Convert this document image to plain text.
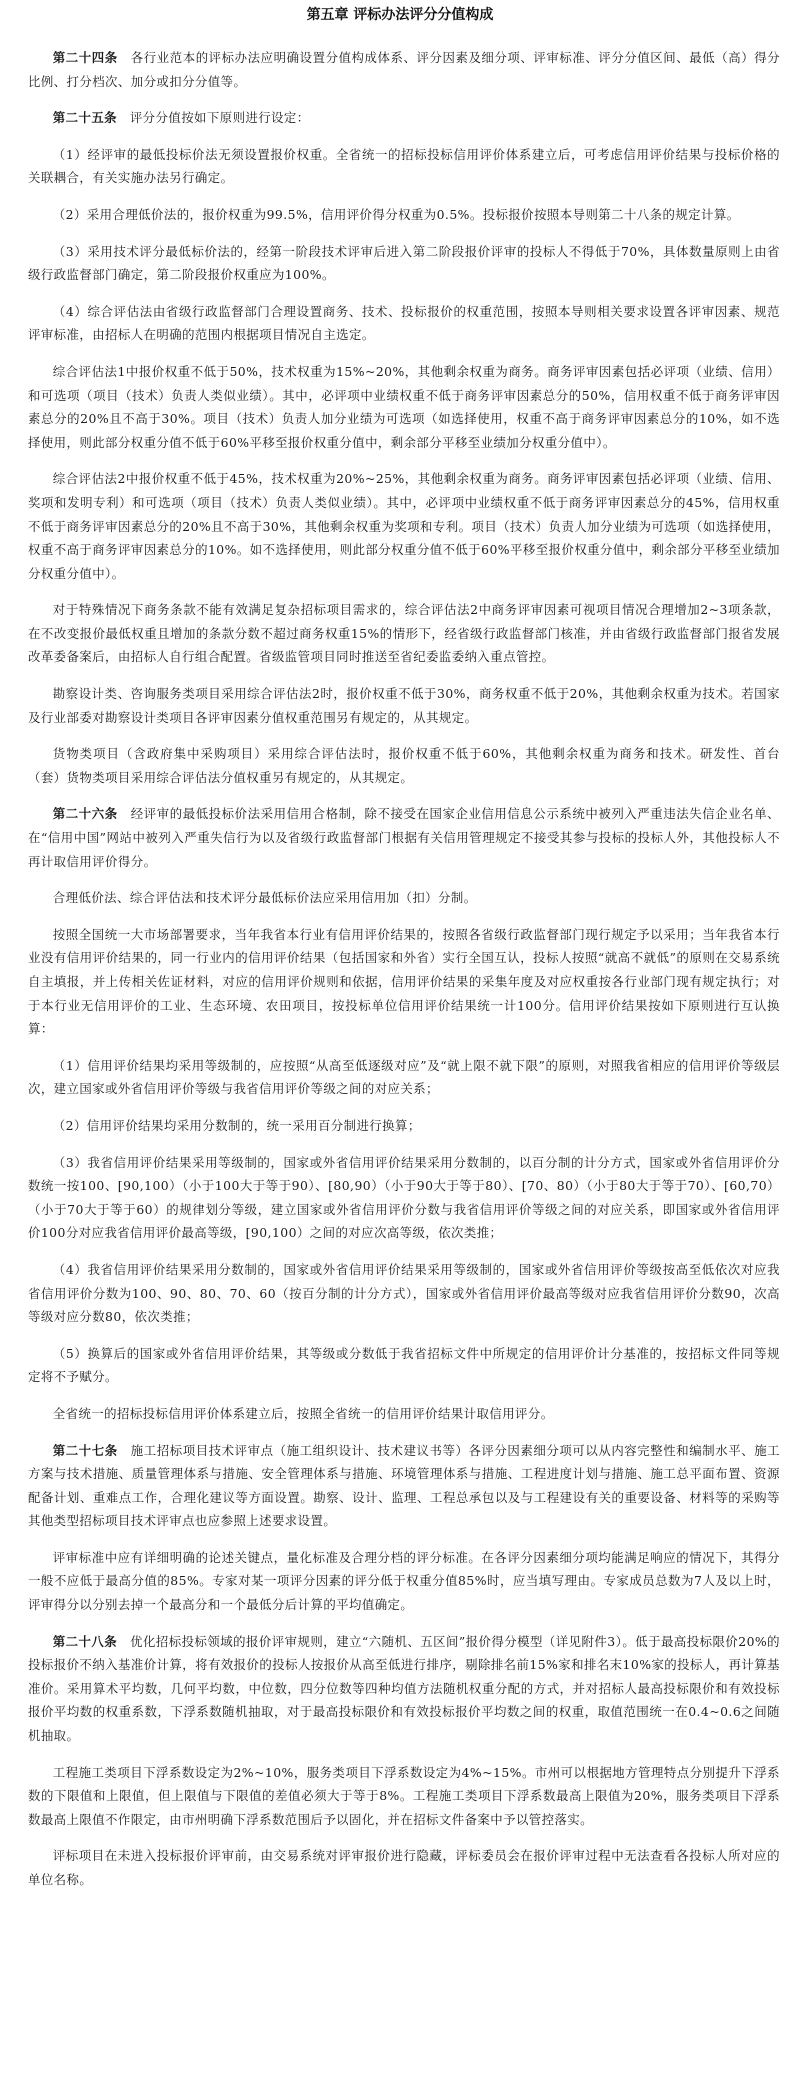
第五章 评标办法评分分值构成

第二十四条　 各行业范本的评标办法应明确设置分值构成体系、评分因素及细分项、评审标准、评分分值区间、最低（高）得分比例、打分档次、加分或扣分分值等。

第二十五条　 评分分值按如下原则进行设定：

（1）经评审的最低投标价法无须设置报价权重。全省统一的招标投标信用评价体系建立后，可考虑信用评价结果与投标价格的关联耦合，有关实施办法另行确定。

（2）采用合理低价法的，报价权重为99.5%，信用评价得分权重为0.5%。投标报价按照本导则第二十八条的规定计算。

（3）采用技术评分最低标价法的，经第一阶段技术评审后进入第二阶段报价评审的投标人不得低于70%，具体数量原则上由省级行政监督部门确定，第二阶段报价权重应为100%。

（4）综合评估法由省级行政监督部门合理设置商务、技术、投标报价的权重范围，按照本导则相关要求设置各评审因素、规范评审标准，由招标人在明确的范围内根据项目情况自主选定。

综合评估法1中报价权重不低于50%，技术权重为15%~20%，其他剩余权重为商务。商务评审因素包括必评项（业绩、信用）和可选项（项目（技术）负责人类似业绩）。其中，必评项中业绩权重不低于商务评审因素总分的50%，信用权重不低于商务评审因素总分的20%且不高于30%。项目（技术）负责人加分业绩为可选项（如选择使用，权重不高于商务评审因素总分的10%，如不选择使用，则此部分权重分值不低于60%平移至报价权重分值中，剩余部分平移至业绩加分权重分值中）。

综合评估法2中报价权重不低于45%，技术权重为20%~25%，其他剩余权重为商务。商务评审因素包括必评项（业绩、信用、奖项和发明专利）和可选项（项目（技术）负责人类似业绩）。其中，必评项中业绩权重不低于商务评审因素总分的45%，信用权重不低于商务评审因素总分的20%且不高于30%，其他剩余权重为奖项和专利。项目（技术）负责人加分业绩为可选项（如选择使用，权重不高于商务评审因素总分的10%。如不选择使用，则此部分权重分值不低于60%平移至报价权重分值中，剩余部分平移至业绩加分权重分值中）。

对于特殊情况下商务条款不能有效满足复杂招标项目需求的，综合评估法2中商务评审因素可视项目情况合理增加2~3项条款，在不改变报价最低权重且增加的条款分数不超过商务权重15%的情形下，经省级行政监督部门核准，并由省级行政监督部门报省发展改革委备案后，由招标人自行组合配置。省级监管项目同时推送至省纪委监委纳入重点管控。

勘察设计类、咨询服务类项目采用综合评估法2时，报价权重不低于30%，商务权重不低于20%，其他剩余权重为技术。若国家及行业部委对勘察设计类项目各评审因素分值权重范围另有规定的，从其规定。

货物类项目（含政府集中采购项目）采用综合评估法时，报价权重不低于60%，其他剩余权重为商务和技术。研发性、首台（套）货物类项目采用综合评估法分值权重另有规定的，从其规定。

第二十六条　 经评审的最低投标价法采用信用合格制，除不接受在国家企业信用信息公示系统中被列入严重违法失信企业名单、在“信用中国”网站中被列入严重失信行为以及省级行政监督部门根据有关信用管理规定不接受其参与投标的投标人外，其他投标人不再计取信用评价得分。

合理低价法、综合评估法和技术评分最低标价法应采用信用加（扣）分制。

按照全国统一大市场部署要求，当年我省本行业有信用评价结果的，按照各省级行政监督部门现行规定予以采用；当年我省本行业没有信用评价结果的，同一行业内的信用评价结果（包括国家和外省）实行全国互认，投标人按照“就高不就低”的原则在交易系统自主填报，并上传相关佐证材料，对应的信用评价规则和依据，信用评价结果的采集年度及对应权重按各行业部门现有规定执行；对于本行业无信用评价的工业、生态环境、农田项目，按投标单位信用评价结果统一计100分。信用评价结果按如下原则进行互认换算：

（1）信用评价结果均采用等级制的，应按照“从高至低逐级对应”及“就上限不就下限”的原则，对照我省相应的信用评价等级层次，建立国家或外省信用评价等级与我省信用评价等级之间的对应关系；

（2）信用评价结果均采用分数制的，统一采用百分制进行换算；

（3）我省信用评价结果采用等级制的，国家或外省信用评价结果采用分数制的，以百分制的计分方式，国家或外省信用评价分数统一按100、[90,100）（小于100大于等于90）、[80,90）（小于90大于等于80）、[70、80）（小于80大于等于70）、[60,70）（小于70大于等于60）的规律划分等级，建立国家或外省信用评价分数与我省信用评价等级之间的对应关系，即国家或外省信用评价100分对应我省信用评价最高等级，[90,100）之间的对应次高等级，依次类推；

（4）我省信用评价结果采用分数制的，国家或外省信用评价结果采用等级制的，国家或外省信用评价等级按高至低依次对应我省信用评价分数为100、90、80、70、60（按百分制的计分方式），国家或外省信用评价最高等级对应我省信用评价分数90，次高等级对应分数80，依次类推；

（5）换算后的国家或外省信用评价结果，其等级或分数低于我省招标文件中所规定的信用评价计分基准的，按招标文件同等规定将不予赋分。

全省统一的招标投标信用评价体系建立后，按照全省统一的信用评价结果计取信用评分。

第二十七条　 施工招标项目技术评审点（施工组织设计、技术建议书等）各评分因素细分项可以从内容完整性和编制水平、施工方案与技术措施、质量管理体系与措施、安全管理体系与措施、环境管理体系与措施、工程进度计划与措施、施工总平面布置、资源配备计划、重难点工作，合理化建议等方面设置。勘察、设计、监理、工程总承包以及与工程建设有关的重要设备、材料等的采购等其他类型招标项目技术评审点也应参照上述要求设置。

评审标准中应有详细明确的论述关键点，量化标准及合理分档的评分标准。在各评分因素细分项均能满足响应的情况下，其得分一般不应低于最高分值的85%。专家对某一项评分因素的评分低于权重分值85%时，应当填写理由。专家成员总数为7人及以上时，评审得分以分别去掉一个最高分和一个最低分后计算的平均值确定。

第二十八条　 优化招标投标领域的报价评审规则，建立“六随机、五区间”报价得分模型（详见附件3）。低于最高投标限价20%的投标报价不纳入基准价计算，将有效报价的投标人按报价从高至低进行排序，剔除排名前15%家和排名末10%家的投标人，再计算基准价。采用算术平均数，几何平均数，中位数，四分位数等四种均值方法随机权重分配的方式，并对招标人最高投标限价和有效投标报价平均数的权重系数，下浮系数随机抽取，对于最高投标限价和有效投标报价平均数之间的权重，取值范围统一在0.4~0.6之间随机抽取。

工程施工类项目下浮系数设定为2%~10%，服务类项目下浮系数设定为4%~15%。市州可以根据地方管理特点分别提升下浮系数的下限值和上限值，但上限值与下限值的差值必须大于等于8%。工程施工类项目下浮系数最高上限值为20%，服务类项目下浮系数最高上限值不作限定，由市州明确下浮系数范围后予以固化，并在招标文件备案中予以管控落实。

评标项目在未进入投标报价评审前，由交易系统对评审报价进行隐藏，评标委员会在报价评审过程中无法查看各投标人所对应的单位名称。
